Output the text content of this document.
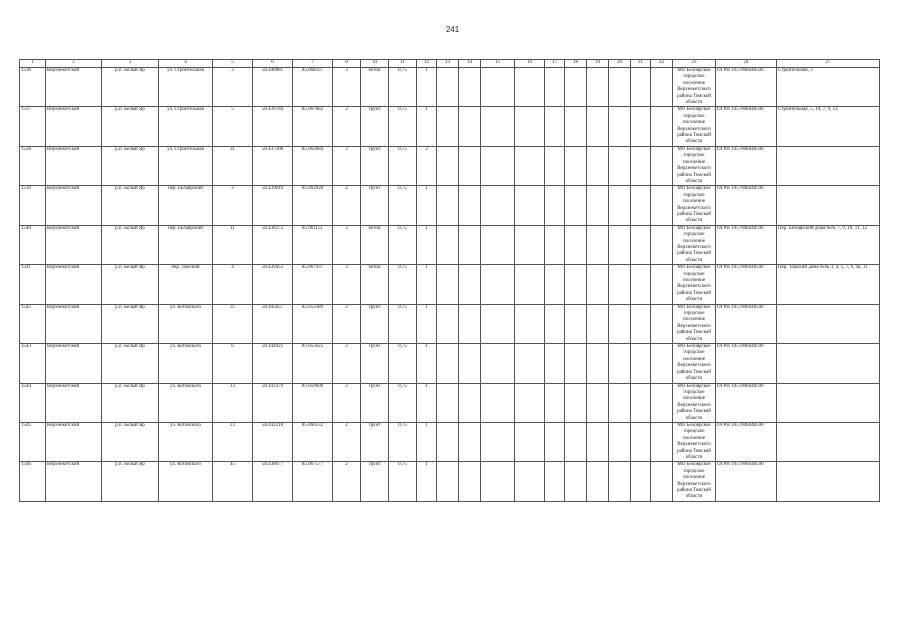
241
1	2	3	4	5	6	7	8	10	11	12	13	14	15	16	17	18	19	20	21	22	23	24	27
1536	Верхнекетский	р.п. Белый Яр	ул. Строительная	3	58.440081	85.068337	3	бетон	0,75	1											МО Белоярское городское поселение Верхнекетского района Томской области	ОГРН 1057008448590	Строительная, 3
1537	Верхнекетский	р.п. Белый Яр	ул. Строительная	5	58.439784	85.067682	2	грунт	0,75	1											МО Белоярское городское поселение Верхнекетского района Томской области	ОГРН 1057008448590	Строительная, 5, 10, 7, 9, 12
1538	Верхнекетский	р.п. Белый Яр	ул. Строительная	31	58.437308	85.063684	3	грунт	0,75	2											МО Белоярское городское поселение Верхнекетского района Томской области	ОГРН 1057008448590	
1539	Верхнекетский	р.п. Белый Яр	пер. Белоярский	3	58.439049	85.062930	2	грунт	0,75	1											МО Белоярское городское поселение Верхнекетского района Томской области	ОГРН 1057008448590	
1540	Верхнекетский	р.п. Белый Яр	пер. Белоярский	11	58.438272	85.061151	3	бетон	0,75	1											МО Белоярское городское поселение Верхнекетского района Томской области	ОГРН 1057008448590	Пер. Белоярский дома №№ 7, 9, 10, 11, 12
1541	Верхнекетский	р.п. Белый Яр	пер. Томский	4	58.439453	85.067937	3	бетон	0,75	1											МО Белоярское городское поселение Верхнекетского района Томской области	ОГРН 1057008448590	Пер. Томский дома №№ 3, 4, 5, 7, 9, 9а, 11
1542	Верхнекетский	р.п. Белый Яр	ул. Котовского	35	58.445657	85.053389	2	грунт	0,75	1											МО Белоярское городское поселение Верхнекетского района Томской области	ОГРН 1057008448590	
1543	Верхнекетский	р.п. Белый Яр	ул. Котовского	6	58.444921	85.055625	2	грунт	0,75	1											МО Белоярское городское поселение Верхнекетского района Томской области	ОГРН 1057008448590	
1544	Верхнекетский	р.п. Белый Яр	ул. Котовского	13	58.443379	85.059600	2	грунт	0,75	1											МО Белоярское городское поселение Верхнекетского района Томской области	ОГРН 1057008448590	
1545	Верхнекетский	р.п. Белый Яр	ул. Котовского	23	58.442210	85.060532	2	грунт	0,75	1											МО Белоярское городское поселение Верхнекетского района Томской области	ОГРН 1057008448590	
1546	Верхнекетский	р.п. Белый Яр	ул. Котовского	45	58.438677	85.067577	2	грунт	0,75	1											МО Белоярское городское поселение Верхнекетского района Томской области	ОГРН 1057008448590	
